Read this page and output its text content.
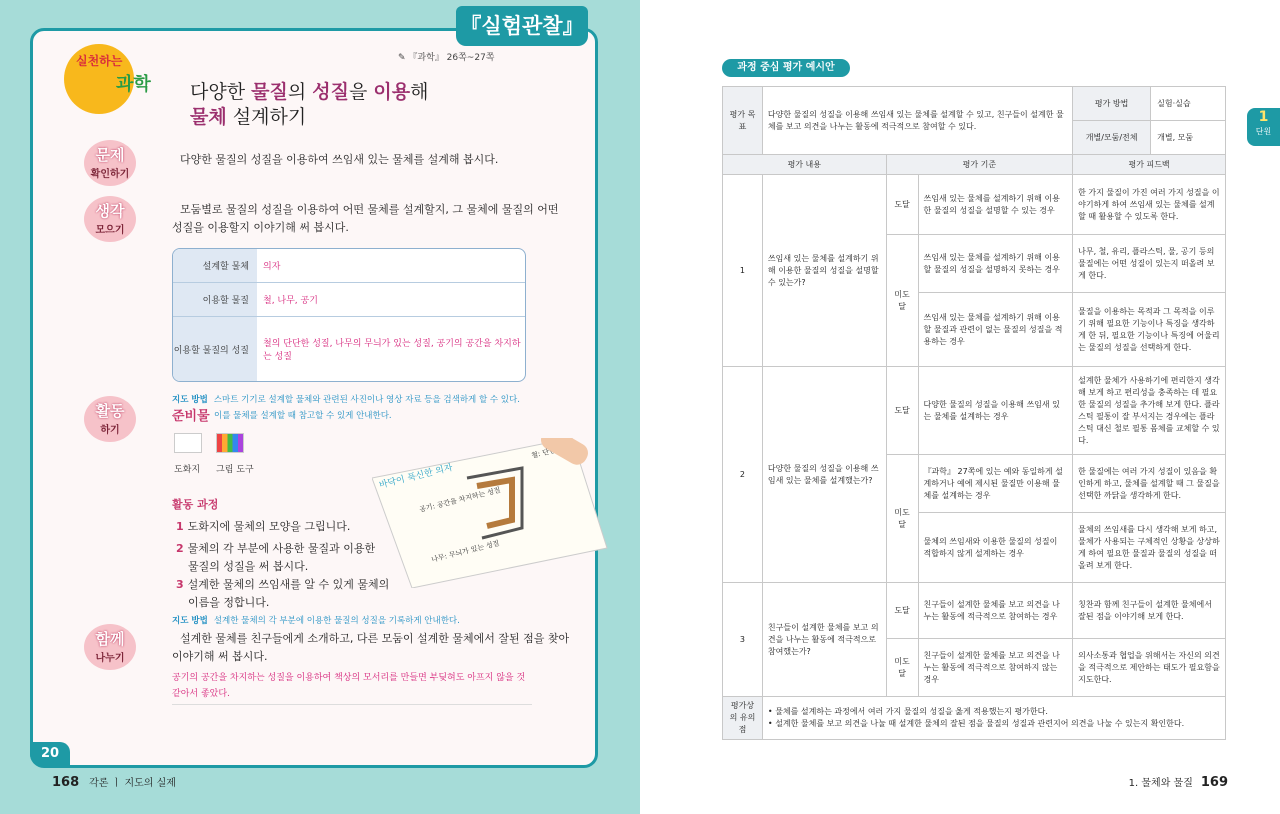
『실험관찰』
실천하는
과학
✎ 『과학』 26쪽~27쪽
다양한 물질의 성질을 이용해
물체 설계하기
문제
확인하기
생각
모으기
활동
하기
함께
나누기
다양한 물질의 성질을 이용하여 쓰임새 있는 물체를 설계해 봅시다.
모둠별로 물질의 성질을 이용하여 어떤 물체를 설계할지, 그 물체에 물질의 어떤
성질을 이용할지 이야기해 써 봅시다.
설계할 물체	의자
이용할 물질	철, 나무, 공기
이용할 물질의 성질
철의 단단한 성질, 나무의 무늬가 있는 성질, 공기의 공간을 차지하는 성질
지도 방법 스마트 기기로 설계할 물체와 관련된 사진이나 영상 자료 등을 검색하게 할 수 있다.
준비물 이를 물체를 설계할 때 참고할 수 있게 안내한다.
도화지 그림 도구
활동 과정
1 도화지에 물체의 모양을 그립니다.
2 물체의 각 부분에 사용한 물질과 이용한
물질의 성질을 써 봅시다.
3 설계한 물체의 쓰임새를 알 수 있게 물체의
이름을 정합니다.
지도 방법 설계한 물체의 각 부분에 이용한 물질의 성질을 기록하게 안내한다.
설계한 물체를 친구들에게 소개하고, 다른 모둠이 설계한 물체에서 잘된 점을 찾아
이야기해 써 봅시다.
공기의 공간을 차지하는 성질을 이용하여 책상의 모서리를 만들면 부딪혀도 아프지 않을 것
같아서 좋았다.
바닥이 푹신한 의자
공기: 공간을 차지하는 성질
나무: 무늬가 있는 성질
철:
20
168 각론 ㅣ 지도의 실제
과정 중심 평가 예시안
1
단원
평가 목표	다양한 물질의 성질을 이용해 쓰임새 있는 물체를 설계할 수 있고, 친구들이 설계한 물체를 보고 의견을 나누는 활동에 적극적으로 참여할 수 있다.			평가 방법 실험·실습

개별/모둠/전체 개별, 모둠

평가 내용		평가 기준		평가 피드백
1	쓰임새 있는 물체를 설계하기 위해 이용한 물질의 성질을 설명할 수 있는가?	도달	쓰임새 있는 물체를 설계하기 위해 이용한 물질의 성질을 설명할 수 있는 경우	한 가지 물질이 가진 여러 가지 성질을 이야기하게 하여 쓰임새 있는 물체를 설계할 때 활용할 수 있도록 한다.
		미도달	쓰임새 있는 물체를 설계하기 위해 이용할 물질의 성질을 설명하지 못하는 경우	나무, 철, 유리, 플라스틱, 물, 공기 등의 물질에는 어떤 성질이 있는지 떠올려 보게 한다.
			쓰임새 있는 물체를 설계하기 위해 이용할 물질과 관련이 없는 물질의 성질을 적용하는 경우	물질을 이용하는 목적과 그 목적을 이루기 위해 필요한 기능이나 특징을 생각하게 한 뒤, 필요한 기능이나 특징에 어울리는 물질의 성질을 선택하게 한다.
2	다양한 물질의 성질을 이용해 쓰임새 있는 물체를 설계했는가?	도달	다양한 물질의 성질을 이용해 쓰임새 있는 물체를 설계하는 경우	설계한 물체가 사용하기에 편리한지 생각해 보게 하고 편리성을 충족하는 데 필요한 물질의 성질을 추가해 보게 한다. 플라스틱 필통이 잘 부서지는 경우에는 플라스틱 대신 철로 필통 몸체를 교체할 수 있다.
		미도달	『과학』 27쪽에 있는 예와 동일하게 설계하거나 예에 제시된 물질만 이용해 물체를 설계하는 경우	한 물질에는 여러 가지 성질이 있음을 확인하게 하고, 물체를 설계할 때 그 물질을 선택한 까닭을 생각하게 한다.
			물체의 쓰임새와 이용한 물질의 성질이 적합하지 않게 설계하는 경우	물체의 쓰임새를 다시 생각해 보게 하고, 물체가 사용되는 구체적인 상황을 상상하게 하여 필요한 물질과 물질의 성질을 떠올려 보게 한다.
3	친구들이 설계한 물체를 보고 의견을 나누는 활동에 적극적으로 참여했는가?	도달	친구들이 설계한 물체를 보고 의견을 나누는 활동에 적극적으로 참여하는 경우	칭찬과 함께 친구들이 설계한 물체에서 잘된 점을 이야기해 보게 한다.
		미도달	친구들이 설계한 물체를 보고 의견을 나누는 활동에 적극적으로 참여하지 않는 경우	의사소통과 협업을 위해서는 자신의 의견을 적극적으로 제안하는 태도가 필요함을 지도한다.
평가상의 유의점	• 물체를 설계하는 과정에서 여러 가지 물질의 성질을 옳게 적용했는지 평가한다.
• 설계한 물체를 보고 의견을 나눌 때 설계한 물체의 잘된 점을 물질의 성질과 관련지어 의견을 나눌 수 있는지 확인한다.			
1. 물체와 물질 169
